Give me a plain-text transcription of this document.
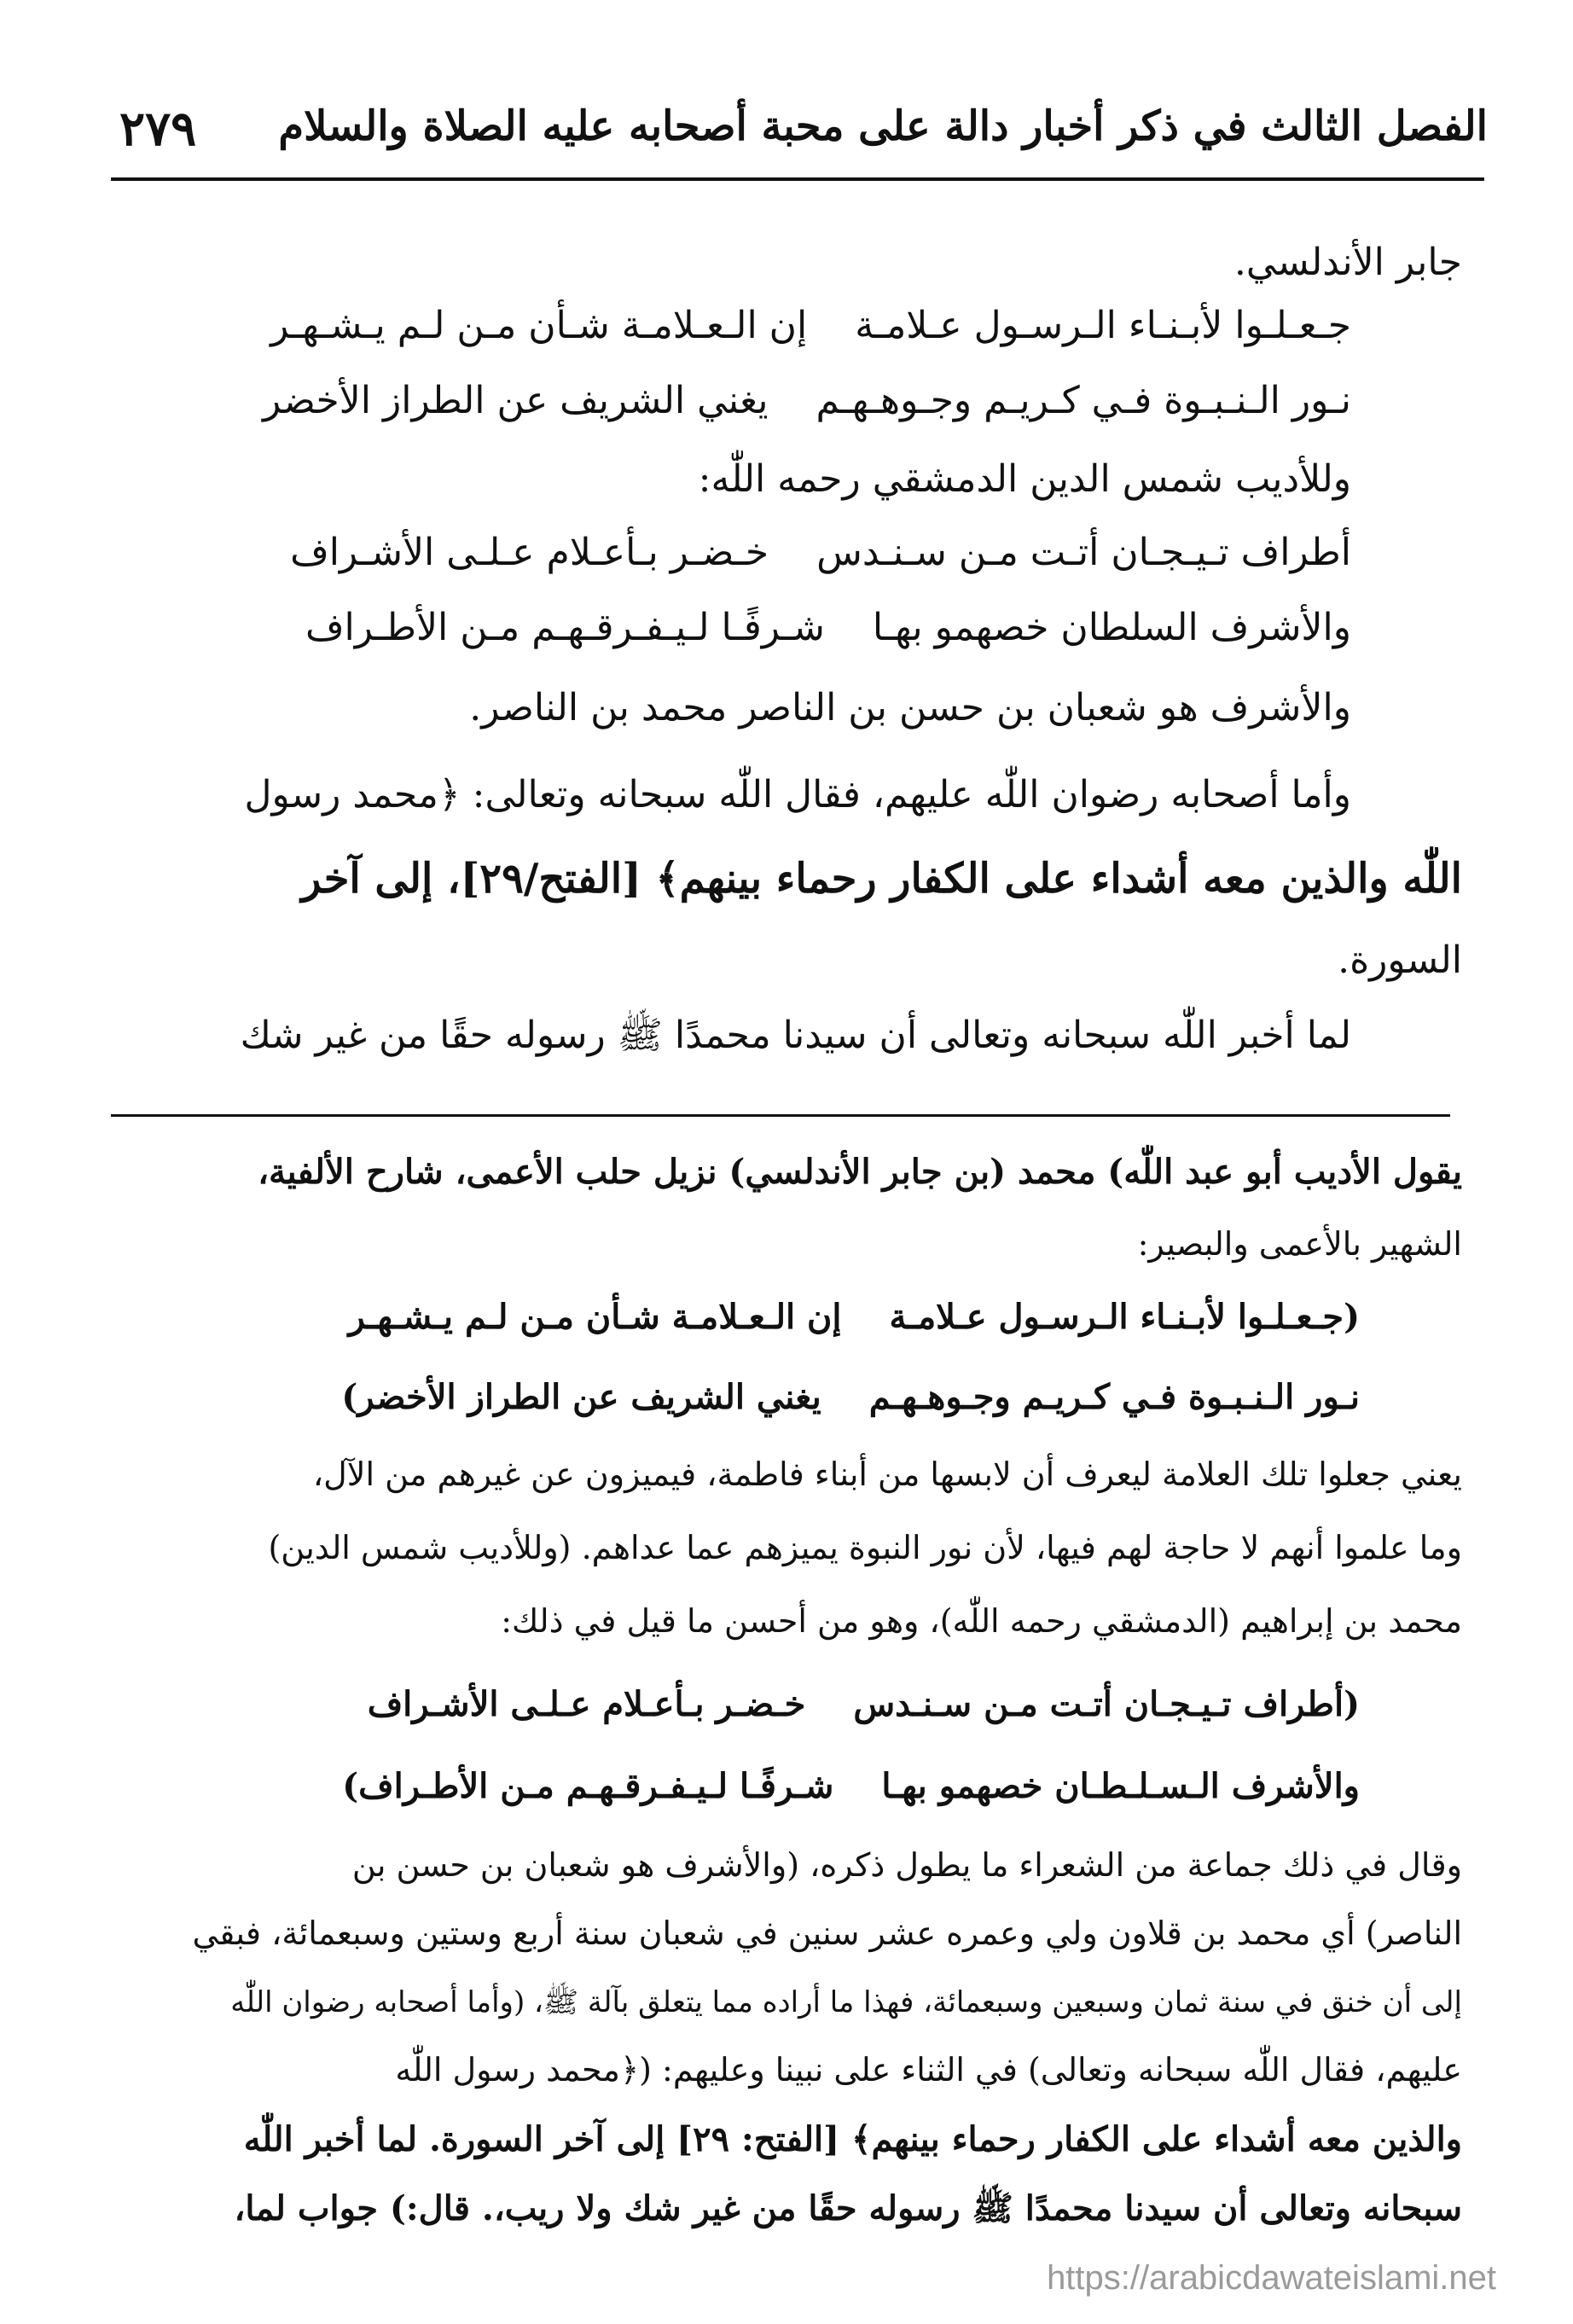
الفصل الثالث في ذكر أخبار دالة على محبة أصحابه عليه الصلاة والسلام
٢٧٩
جابر الأندلسي.
جـعـلـوا لأبـنـاء الـرسـول عـلامـة
إن الـعـلامـة شـأن مـن لـم يـشـهـر
نـور الـنـبـوة فـي كـريـم وجـوهـهـم
يغني الشريف عن الطراز الأخضر
وللأديب شمس الدين الدمشقي رحمه اللّٰه:
أطراف تـيـجـان أتـت مـن سـنـدس
خـضـر بـأعـلام عـلـى الأشـراف
والأشرف السلطان خصهمو بهـا
شـرفًـا لـيـفـرقـهـم مـن الأطـراف
والأشرف هو شعبان بن حسن بن الناصر محمد بن الناصر.
وأما أصحابه رضوان اللّٰه عليهم، فقال اللّٰه سبحانه وتعالى: ﴿محمد رسول
اللّٰه والذين معه أشداء على الكفار رحماء بينهم﴾ [الفتح/٢٩]، إلى آخر
السورة.
لما أخبر اللّٰه سبحانه وتعالى أن سيدنا محمدًا ﷺ رسوله حقًا من غير شك
يقول الأديب أبو عبد اللّٰه) محمد (بن جابر الأندلسي) نزيل حلب الأعمى، شارح الألفية،
الشهير بالأعمى والبصير:
(جـعـلـوا لأبـنـاء الـرسـول عـلامـة
إن الـعـلامـة شـأن مـن لـم يـشـهـر
نـور الـنـبـوة فـي كـريـم وجـوهـهـم
يغني الشريف عن الطراز الأخضر)
يعني جعلوا تلك العلامة ليعرف أن لابسها من أبناء فاطمة، فيميزون عن غيرهم من الآل،
وما علموا أنهم لا حاجة لهم فيها، لأن نور النبوة يميزهم عما عداهم. (وللأديب شمس الدين)
محمد بن إبراهيم (الدمشقي رحمه اللّٰه)، وهو من أحسن ما قيل في ذلك:
(أطراف تـيـجـان أتـت مـن سـنـدس
خـضـر بـأعـلام عـلـى الأشـراف
والأشرف الـسـلـطـان خصهمو بهـا
شـرفًـا لـيـفـرقـهـم مـن الأطـراف)
وقال في ذلك جماعة من الشعراء ما يطول ذكره، (والأشرف هو شعبان بن حسن بن
الناصر) أي محمد بن قلاون ولي وعمره عشر سنين في شعبان سنة أربع وستين وسبعمائة، فبقي
إلى أن خنق في سنة ثمان وسبعين وسبعمائة، فهذا ما أراده مما يتعلق بآلة ﷺ، (وأما أصحابه رضوان اللّٰه
عليهم، فقال اللّٰه سبحانه وتعالى) في الثناء على نبينا وعليهم: (﴿محمد رسول اللّٰه
والذين معه أشداء على الكفار رحماء بينهم﴾ [الفتح: ٢٩] إلى آخر السورة. لما أخبر اللّٰه
سبحانه وتعالى أن سيدنا محمدًا ﷺ رسوله حقًا من غير شك ولا ريب،. قال:) جواب لما،
https://arabicdawateislami.net
